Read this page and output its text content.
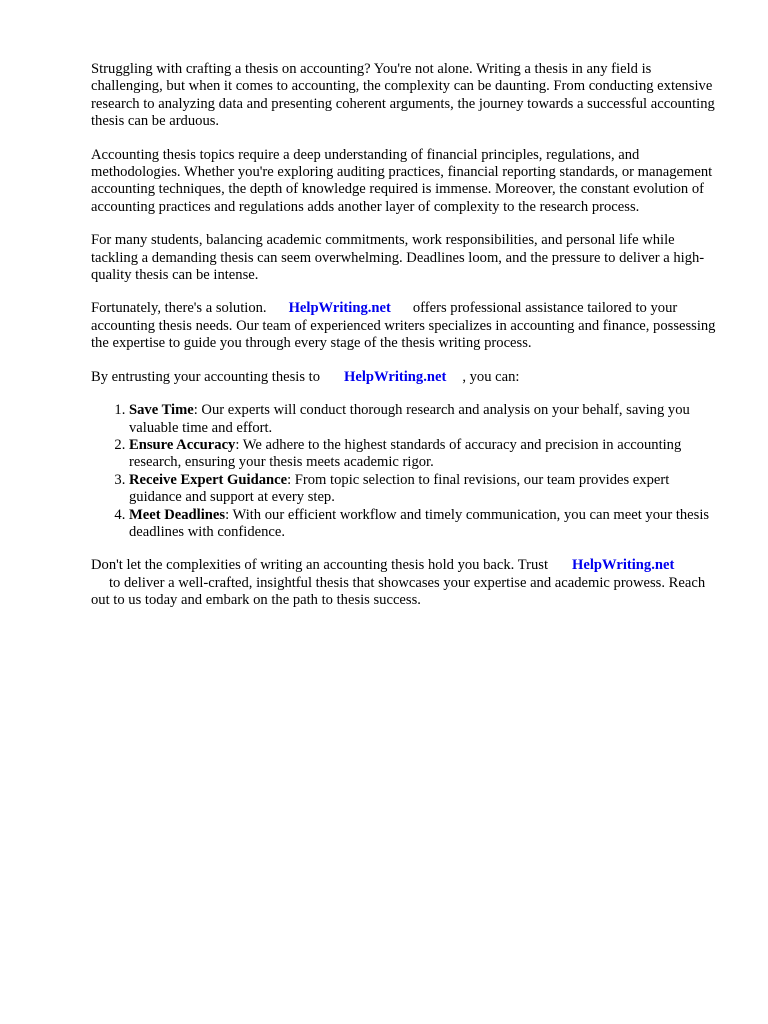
Struggling with crafting a thesis on accounting? You're not alone. Writing a thesis in any field is challenging, but when it comes to accounting, the complexity can be daunting. From conducting extensive research to analyzing data and presenting coherent arguments, the journey towards a successful accounting thesis can be arduous.

Accounting thesis topics require a deep understanding of financial principles, regulations, and methodologies. Whether you're exploring auditing practices, financial reporting standards, or management accounting techniques, the depth of knowledge required is immense. Moreover, the constant evolution of accounting practices and regulations adds another layer of complexity to the research process.

For many students, balancing academic commitments, work responsibilities, and personal life while tackling a demanding thesis can seem overwhelming. Deadlines loom, and the pressure to deliver a high-quality thesis can be intense.

Fortunately, there's a solution. HelpWriting.net offers professional assistance tailored to your accounting thesis needs. Our team of experienced writers specializes in accounting and finance, possessing the expertise to guide you through every stage of the thesis writing process.

By entrusting your accounting thesis to HelpWriting.net , you can:

1. Save Time: Our experts will conduct thorough research and analysis on your behalf, saving you valuable time and effort.
2. Ensure Accuracy: We adhere to the highest standards of accuracy and precision in accounting research, ensuring your thesis meets academic rigor.
3. Receive Expert Guidance: From topic selection to final revisions, our team provides expert guidance and support at every step.
4. Meet Deadlines: With our efficient workflow and timely communication, you can meet your thesis deadlines with confidence.

Don't let the complexities of writing an accounting thesis hold you back. Trust HelpWriting.net
to deliver a well-crafted, insightful thesis that showcases your expertise and academic prowess. Reach out to us today and embark on the path to thesis success.
